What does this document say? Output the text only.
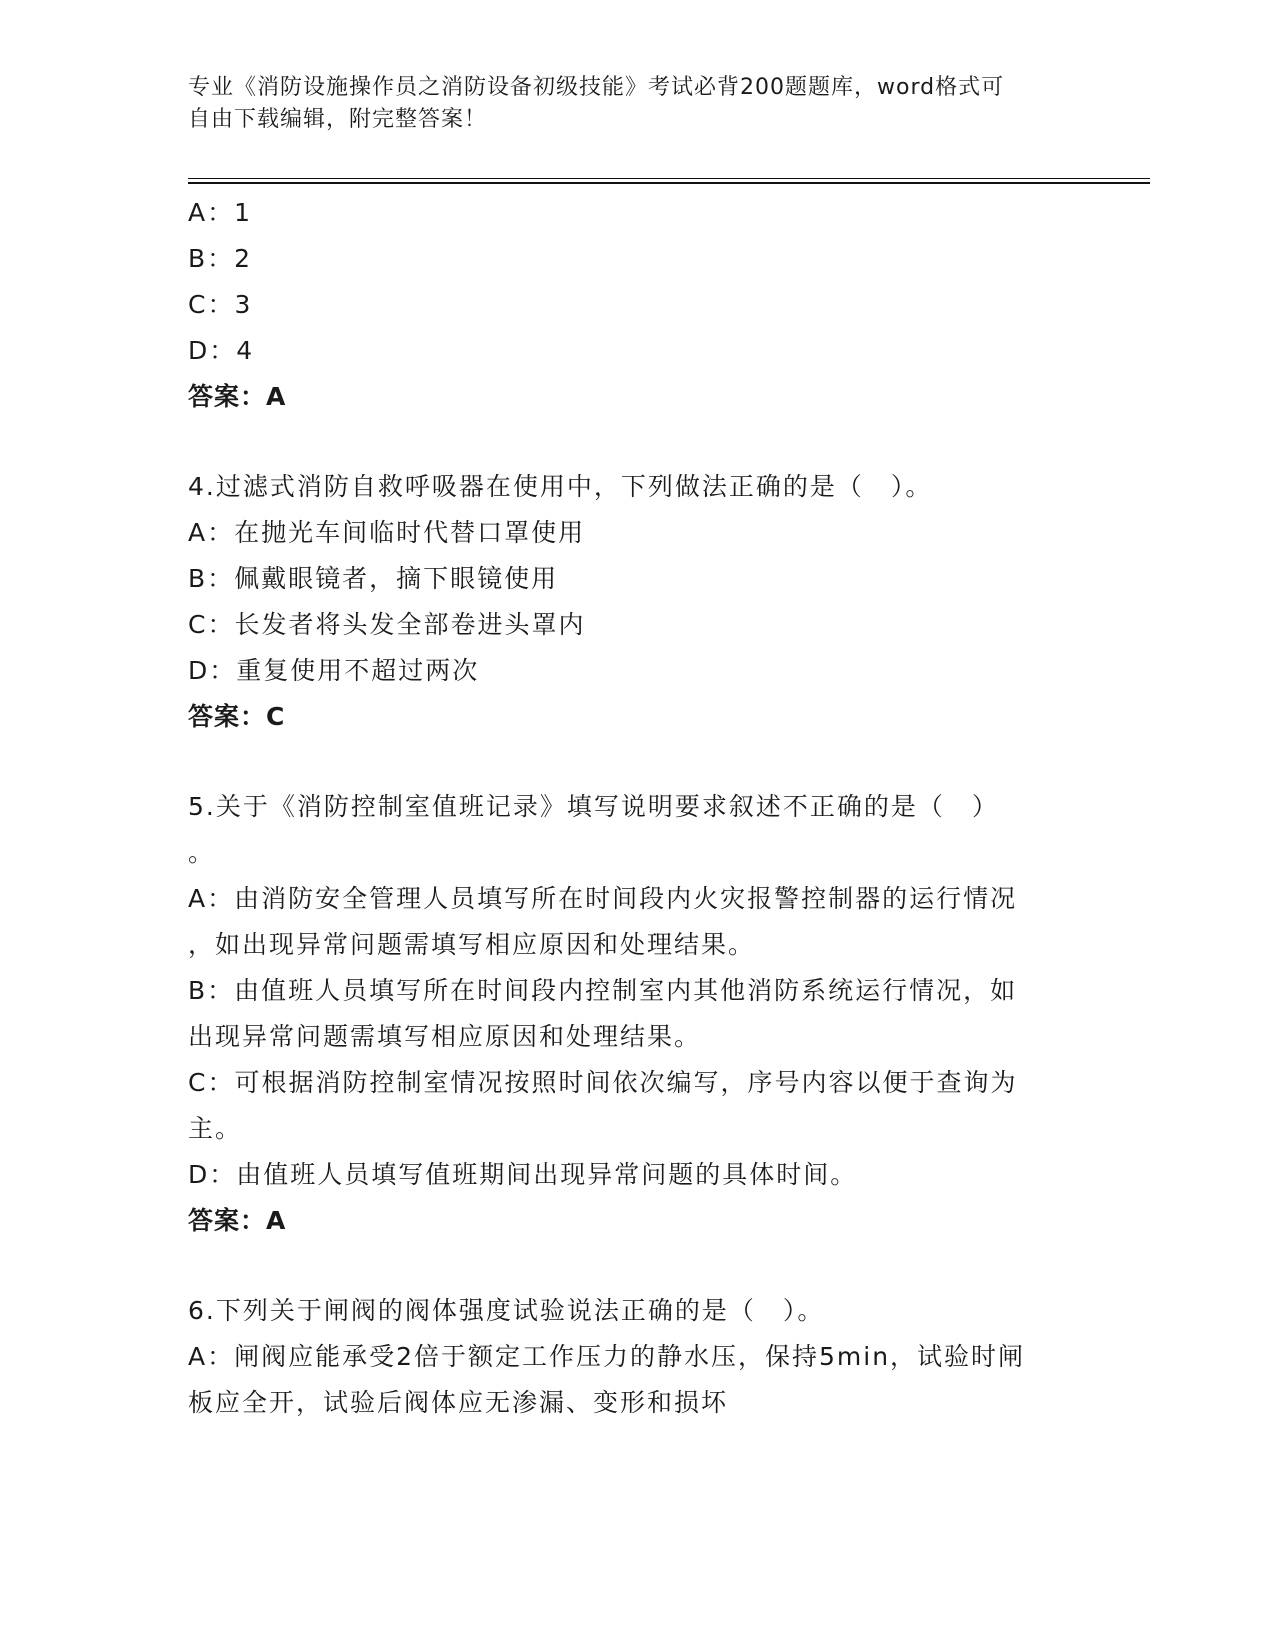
专业《消防设施操作员之消防设备初级技能》考试必背200题题库，word格式可
自由下载编辑，附完整答案！
A：1
B：2
C：3
D：4
答案：A
4.过滤式消防自救呼吸器在使用中，下列做法正确的是（　）。
A：在抛光车间临时代替口罩使用
B：佩戴眼镜者，摘下眼镜使用
C：长发者将头发全部卷进头罩内
D：重复使用不超过两次
答案：C
5.关于《消防控制室值班记录》填写说明要求叙述不正确的是（　）
。
A：由消防安全管理人员填写所在时间段内火灾报警控制器的运行情况
，如出现异常问题需填写相应原因和处理结果。
B：由值班人员填写所在时间段内控制室内其他消防系统运行情况，如
出现异常问题需填写相应原因和处理结果。
C：可根据消防控制室情况按照时间依次编写，序号内容以便于查询为
主。
D：由值班人员填写值班期间出现异常问题的具体时间。
答案：A
6.下列关于闸阀的阀体强度试验说法正确的是（　）。
A：闸阀应能承受2倍于额定工作压力的静水压，保持5min，试验时闸
板应全开，试验后阀体应无渗漏、变形和损坏
